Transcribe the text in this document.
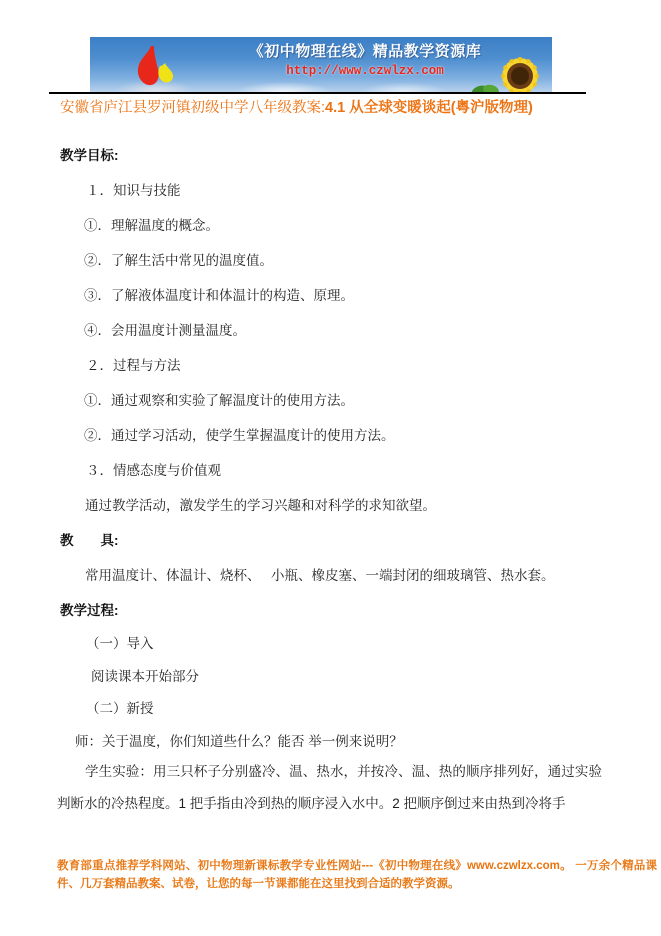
《初中物理在线》精品教学资源库
http://www.czwlzx.com
安徽省庐江县罗河镇初级中学八年级教案:4.1 从全球变暖谈起(粤沪版物理)

教学目标:

１．知识与技能

①．理解温度的概念。

②．了解生活中常见的温度值。

③．了解液体温度计和体温计的构造、原理。

④．会用温度计测量温度。

２．过程与方法

①．通过观察和实验了解温度计的使用方法。

②．通过学习活动，使学生掌握温度计的使用方法。

３．情感态度与价值观

通过教学活动，激发学生的学习兴趣和对科学的求知欲望。

教　　具:

常用温度计、体温计、烧杯、　 小瓶、橡皮塞、一端封闭的细玻璃管、热水套。

教学过程:

（一）导入

阅读课本开始部分

（二）新授

师：关于温度，你们知道些什么？能否 举一例来说明？

学生实验：用三只杯子分别盛冷、温、热水，并按冷、温、热的顺序排列好，通过实验判断水的冷热程度。1 把手指由冷到热的顺序浸入水中。2 把顺序倒过来由热到冷将手

教育部重点推荐学科网站、初中物理新课标教学专业性网站---《初中物理在线》www.czwlzx.com。 一万余个精品课件、几万套精品教案、试卷，让您的每一节课都能在这里找到合适的教学资源。
